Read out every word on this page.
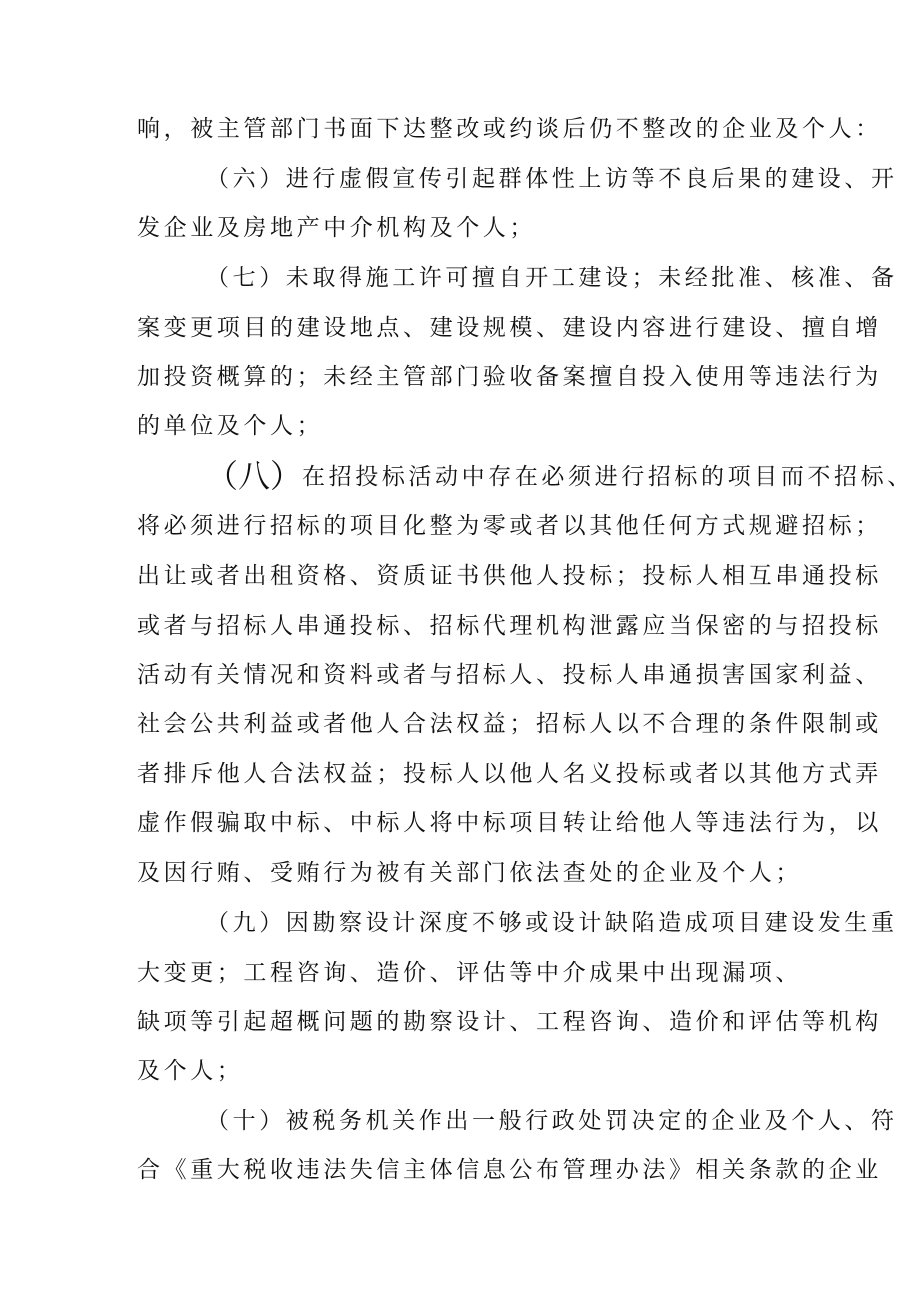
响，被主管部门书面下达整改或约谈后仍不整改的企业及个人：
（六）进行虚假宣传引起群体性上访等不良后果的建设、开
发企业及房地产中介机构及个人；
（七）未取得施工许可擅自开工建设；未经批准、核准、备
案变更项目的建设地点、建设规模、建设内容进行建设、擅自增
加投资概算的；未经主管部门验收备案擅自投入使用等违法行为
的单位及个人；
（八）在招投标活动中存在必须进行招标的项目而不招标、
将必须进行招标的项目化整为零或者以其他任何方式规避招标；
出让或者出租资格、资质证书供他人投标；投标人相互串通投标
或者与招标人串通投标、招标代理机构泄露应当保密的与招投标
活动有关情况和资料或者与招标人、投标人串通损害国家利益、
社会公共利益或者他人合法权益；招标人以不合理的条件限制或
者排斥他人合法权益；投标人以他人名义投标或者以其他方式弄
虚作假骗取中标、中标人将中标项目转让给他人等违法行为，以
及因行贿、受贿行为被有关部门依法查处的企业及个人；
（九）因勘察设计深度不够或设计缺陷造成项目建设发生重
大变更；工程咨询、造价、评估等中介成果中出现漏项、
缺项等引起超概问题的勘察设计、工程咨询、造价和评估等机构
及个人；
（十）被税务机关作出一般行政处罚决定的企业及个人、符
合《重大税收违法失信主体信息公布管理办法》相关条款的企业
